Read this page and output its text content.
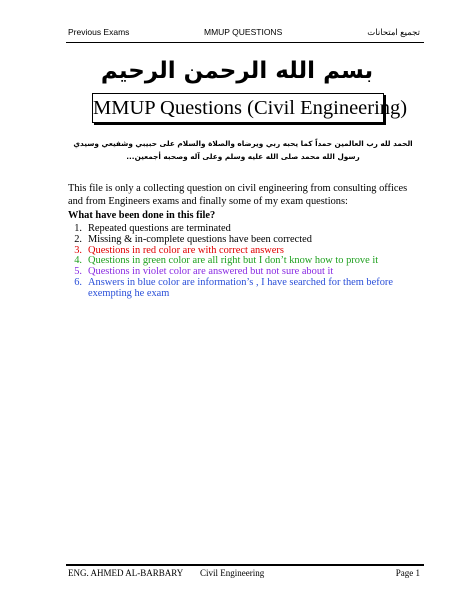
Previous Exams	MMUP QUESTIONS	تجميع امتحانات
بسم الله الرحمن الرحيم
MMUP Questions (Civil Engineering)
الحمد لله رب العالمين حمداً كما يحبه ربي ويرضاه والصلاة والسلام على حبيبي وشفيعي وسيدي رسول الله محمد صلى الله عليه وسلم وعلى آله وصحبه أجمعين...
This file is only a collecting question on civil engineering from consulting offices and from Engineers exams and finally some of my exam questions:
What have been done in this file?
1. Repeated questions are terminated
2. Missing & in-complete questions have been corrected
3. Questions in red color are with correct answers
4. Questions in green color are all right but I don’t know how to prove it
5. Questions in violet color are answered but not sure about it
6. Answers in blue color are information’s , I have searched for them before exempting he exam
ENG. AHMED AL-BARBARY Civil Engineering	Page 1
